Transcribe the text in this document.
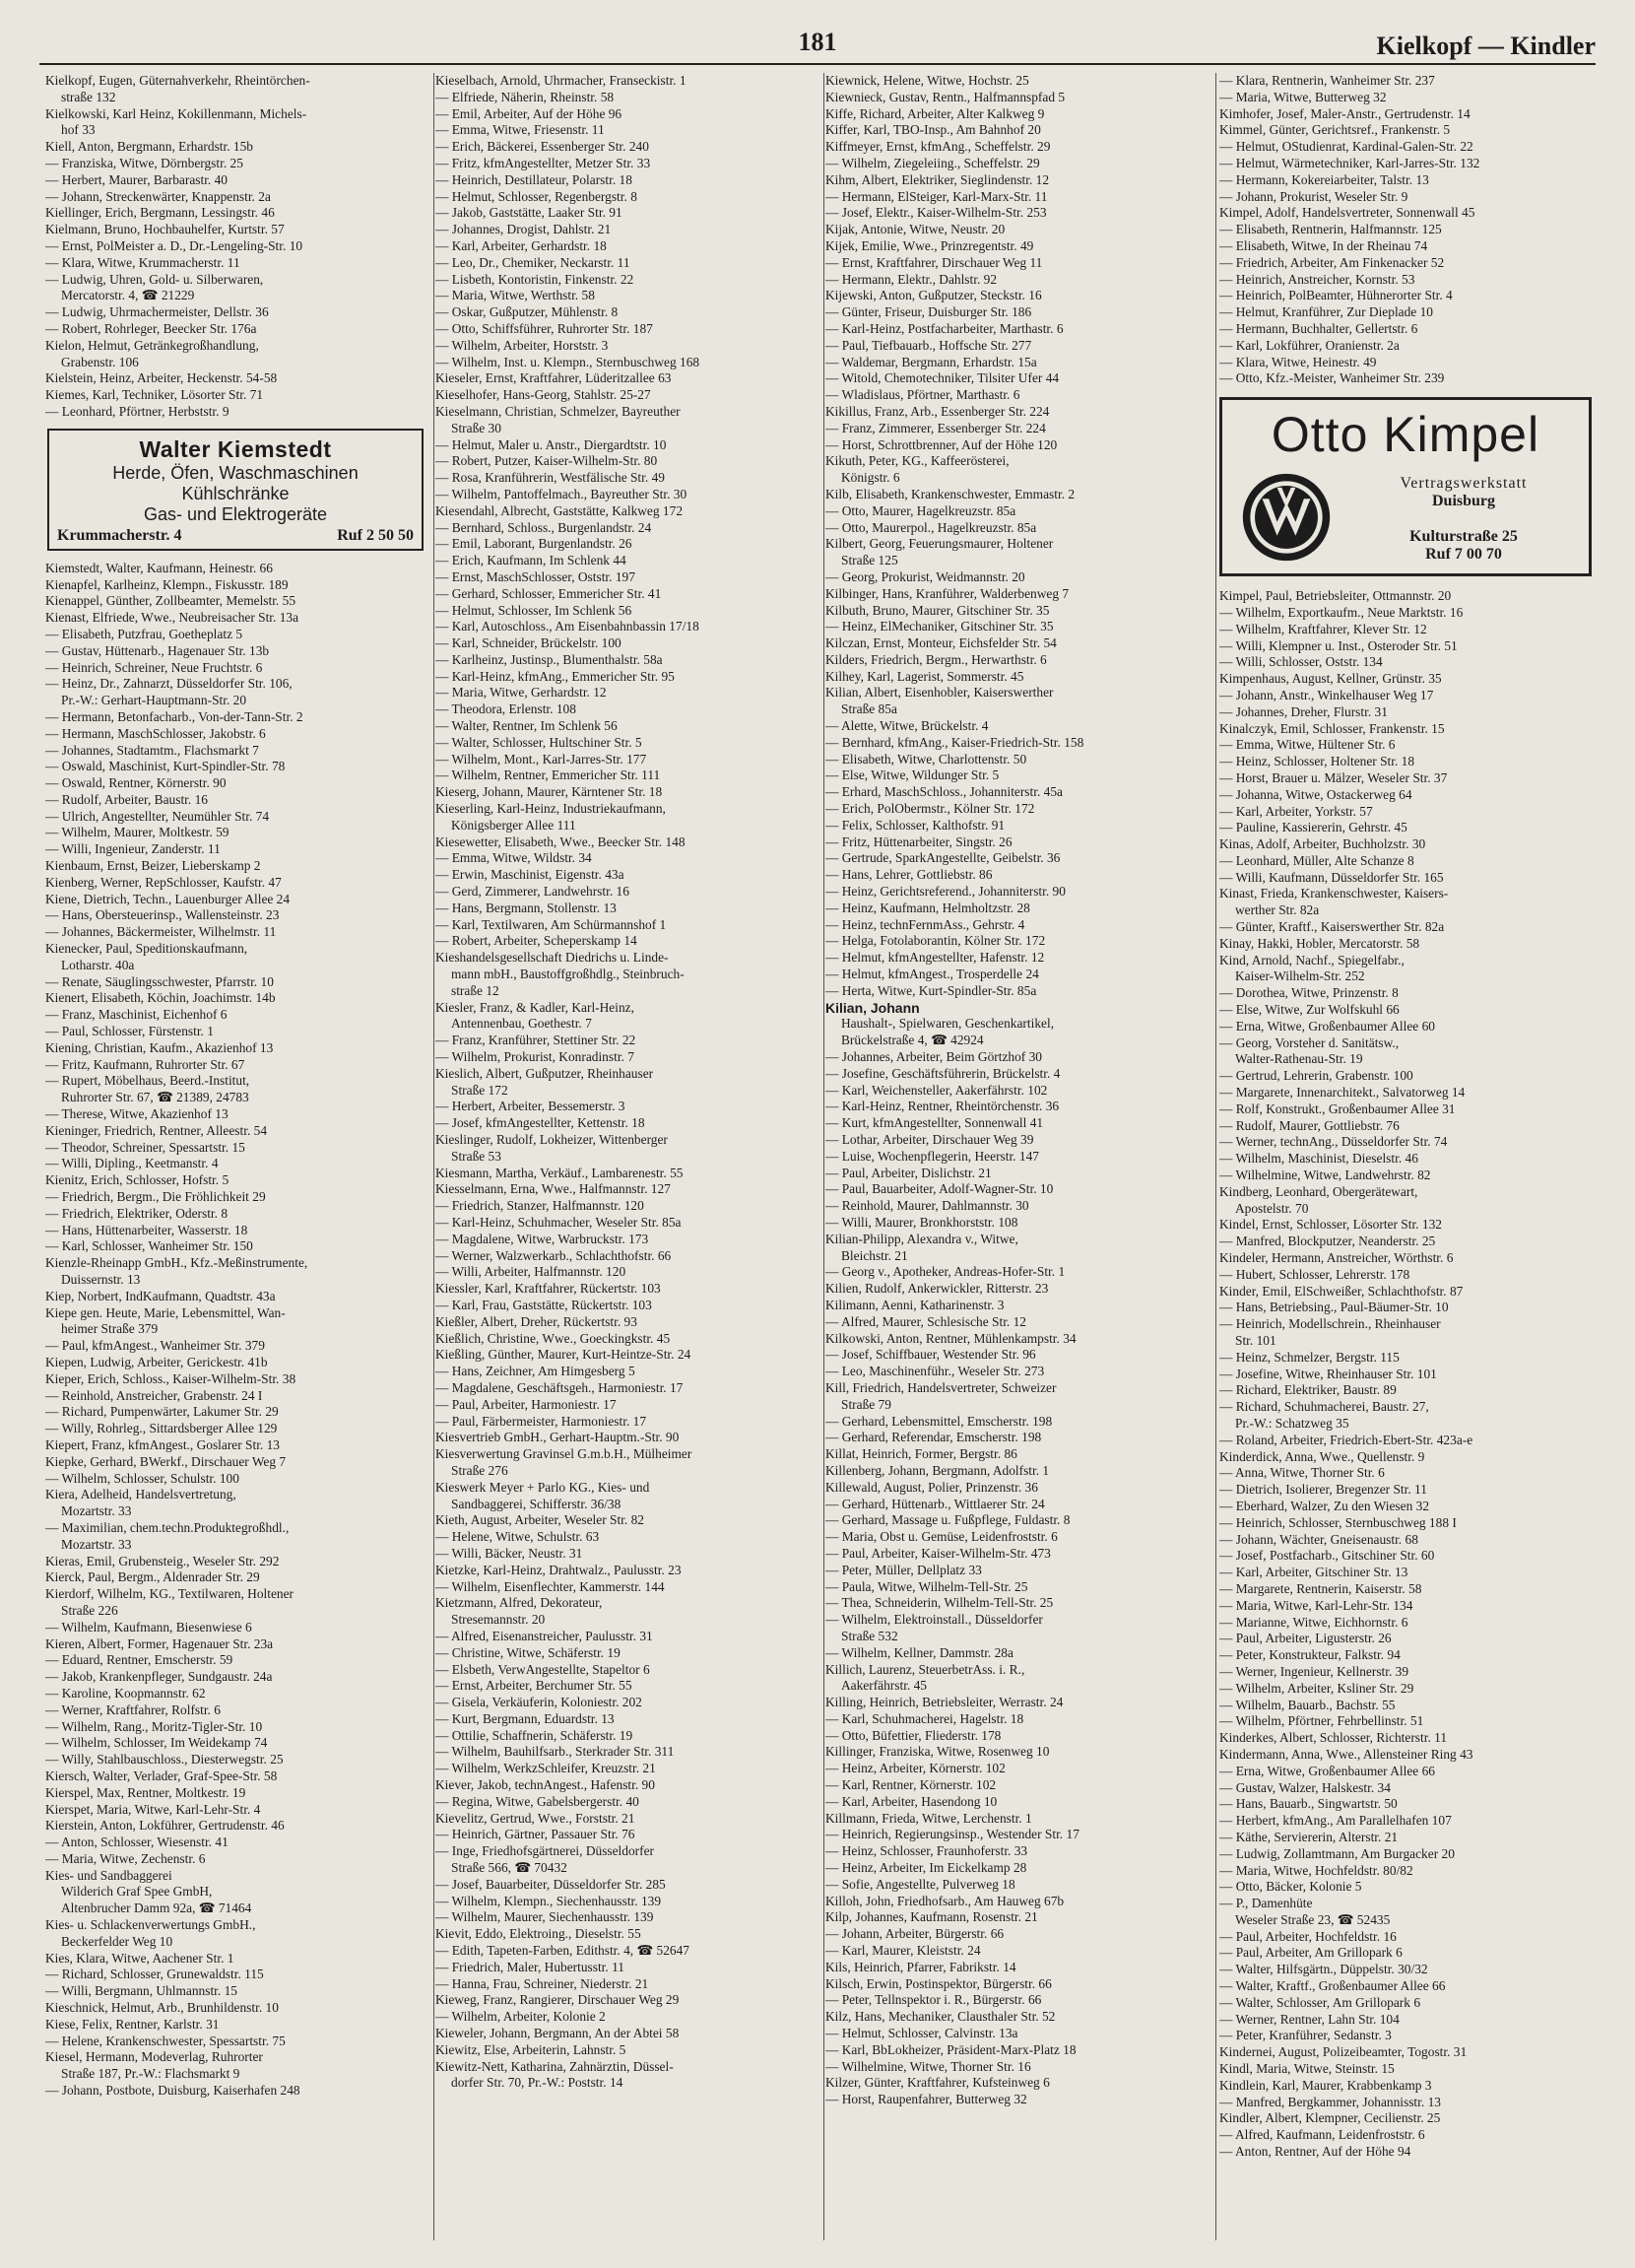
181	Kielkopf — Kindler
Kielkopf, Eugen, Güternahverkehr, Rheintörchen-
straße 132
Kielkowski, Karl Heinz, Kokillenmann, Michels-
hof 33
Kiell, Anton, Bergmann, Erhardstr. 15b
— Franziska, Witwe, Dörnbergstr. 25
— Herbert, Maurer, Barbarastr. 40
— Johann, Streckenwärter, Knappenstr. 2a
Kiellinger, Erich, Bergmann, Lessingstr. 46
Kielmann, Bruno, Hochbauhelfer, Kurtstr. 57
— Ernst, PolMeister a. D., Dr.-Lengeling-Str. 10
— Klara, Witwe, Krummacherstr. 11
— Ludwig, Uhren, Gold- u. Silberwaren,
Mercatorstr. 4, ☎ 21229
— Ludwig, Uhrmachermeister, Dellstr. 36
— Robert, Rohrleger, Beecker Str. 176a
Kielon, Helmut, Getränkegroßhandlung,
Grabenstr. 106
Kielstein, Heinz, Arbeiter, Heckenstr. 54-58
Kiemes, Karl, Techniker, Lösorter Str. 71
— Leonhard, Pförtner, Herbststr. 9
Walter Kiemstedt
Herde, Öfen, Waschmaschinen
Kühlschränke
Gas- und Elektrogeräte
Krummacherstr. 4	Ruf 2 50 50
Kiemstedt, Walter, Kaufmann, Heinestr. 66
Kienapfel, Karlheinz, Klempn., Fiskusstr. 189
Kienappel, Günther, Zollbeamter, Memelstr. 55
Kienast, Elfriede, Wwe., Neubreisacher Str. 13a
— Elisabeth, Putzfrau, Goetheplatz 5
— Gustav, Hüttenarb., Hagenauer Str. 13b
— Heinrich, Schreiner, Neue Fruchtstr. 6
— Heinz, Dr., Zahnarzt, Düsseldorfer Str. 106,
Pr.-W.: Gerhart-Hauptmann-Str. 20
— Hermann, Betonfacharb., Von-der-Tann-Str. 2
— Hermann, MaschSchlosser, Jakobstr. 6
— Johannes, Stadtamtm., Flachsmarkt 7
— Oswald, Maschinist, Kurt-Spindler-Str. 78
— Oswald, Rentner, Körnerstr. 90
— Rudolf, Arbeiter, Baustr. 16
— Ulrich, Angestellter, Neumühler Str. 74
— Wilhelm, Maurer, Moltkestr. 59
— Willi, Ingenieur, Zanderstr. 11
Kienbaum, Ernst, Beizer, Lieberskamp 2
Kienberg, Werner, RepSchlosser, Kaufstr. 47
Kiene, Dietrich, Techn., Lauenburger Allee 24
— Hans, Obersteuerinsp., Wallensteinstr. 23
— Johannes, Bäckermeister, Wilhelmstr. 11
Kienecker, Paul, Speditionskaufmann,
Lotharstr. 40a
— Renate, Säuglingsschwester, Pfarrstr. 10
Kienert, Elisabeth, Köchin, Joachimstr. 14b
— Franz, Maschinist, Eichenhof 6
— Paul, Schlosser, Fürstenstr. 1
Kiening, Christian, Kaufm., Akazienhof 13
— Fritz, Kaufmann, Ruhrorter Str. 67
— Rupert, Möbelhaus, Beerd.-Institut,
Ruhrorter Str. 67, ☎ 21389, 24783
— Therese, Witwe, Akazienhof 13
Kieninger, Friedrich, Rentner, Alleestr. 54
— Theodor, Schreiner, Spessartstr. 15
— Willi, Dipling., Keetmanstr. 4
Kienitz, Erich, Schlosser, Hofstr. 5
— Friedrich, Bergm., Die Fröhlichkeit 29
— Friedrich, Elektriker, Oderstr. 8
— Hans, Hüttenarbeiter, Wasserstr. 18
— Karl, Schlosser, Wanheimer Str. 150
Kienzle-Rheinapp GmbH., Kfz.-Meßinstrumente,
Duissernstr. 13
Kiep, Norbert, IndKaufmann, Quadtstr. 43a
Kiepe gen. Heute, Marie, Lebensmittel, Wan-
heimer Straße 379
— Paul, kfmAngest., Wanheimer Str. 379
Kiepen, Ludwig, Arbeiter, Gerickestr. 41b
Kieper, Erich, Schloss., Kaiser-Wilhelm-Str. 38
— Reinhold, Anstreicher, Grabenstr. 24 I
— Richard, Pumpenwärter, Lakumer Str. 29
— Willy, Rohrleg., Sittardsberger Allee 129
Kiepert, Franz, kfmAngest., Goslarer Str. 13
Kiepke, Gerhard, BWerkf., Dirschauer Weg 7
— Wilhelm, Schlosser, Schulstr. 100
Kiera, Adelheid, Handelsvertretung,
Mozartstr. 33
— Maximilian, chem.techn.Produktegroßhdl.,
Mozartstr. 33
Kieras, Emil, Grubensteig., Weseler Str. 292
Kierck, Paul, Bergm., Aldenrader Str. 29
Kierdorf, Wilhelm, KG., Textilwaren, Holtener
Straße 226
— Wilhelm, Kaufmann, Biesenwiese 6
Kieren, Albert, Former, Hagenauer Str. 23a
— Eduard, Rentner, Emscherstr. 59
— Jakob, Krankenpfleger, Sundgaustr. 24a
— Karoline, Koopmannstr. 62
— Werner, Kraftfahrer, Rolfstr. 6
— Wilhelm, Rang., Moritz-Tigler-Str. 10
— Wilhelm, Schlosser, Im Weidekamp 74
— Willy, Stahlbauschloss., Diesterwegstr. 25
Kiersch, Walter, Verlader, Graf-Spee-Str. 58
Kierspel, Max, Rentner, Moltkestr. 19
Kierspet, Maria, Witwe, Karl-Lehr-Str. 4
Kierstein, Anton, Lokführer, Gertrudenstr. 46
— Anton, Schlosser, Wiesenstr. 41
— Maria, Witwe, Zechenstr. 6
Kies- und Sandbaggerei
Wilderich Graf Spee GmbH,
Altenbrucher Damm 92a, ☎ 71464
Kies- u. Schlackenverwertungs GmbH.,
Beckerfelder Weg 10
Kies, Klara, Witwe, Aachener Str. 1
— Richard, Schlosser, Grunewaldstr. 115
— Willi, Bergmann, Uhlmannstr. 15
Kieschnick, Helmut, Arb., Brunhildenstr. 10
Kiese, Felix, Rentner, Karlstr. 31
— Helene, Krankenschwester, Spessartstr. 75
Kiesel, Hermann, Modeverlag, Ruhrorter
Straße 187, Pr.-W.: Flachsmarkt 9
— Johann, Postbote, Duisburg, Kaiserhafen 248
Kieselbach, Arnold, Uhrmacher, Franseckistr. 1
— Elfriede, Näherin, Rheinstr. 58
— Emil, Arbeiter, Auf der Höhe 96
— Emma, Witwe, Friesenstr. 11
— Erich, Bäckerei, Essenberger Str. 240
— Fritz, kfmAngestellter, Metzer Str. 33
— Heinrich, Destillateur, Polarstr. 18
— Helmut, Schlosser, Regenbergstr. 8
— Jakob, Gaststätte, Laaker Str. 91
— Johannes, Drogist, Dahlstr. 21
— Karl, Arbeiter, Gerhardstr. 18
— Leo, Dr., Chemiker, Neckarstr. 11
— Lisbeth, Kontoristin, Finkenstr. 22
— Maria, Witwe, Werthstr. 58
— Oskar, Gußputzer, Mühlenstr. 8
— Otto, Schiffsführer, Ruhrorter Str. 187
— Wilhelm, Arbeiter, Horststr. 3
— Wilhelm, Inst. u. Klempn., Sternbuschweg 168
Kieseler, Ernst, Kraftfahrer, Lüderitzallee 63
Kieselhofer, Hans-Georg, Stahlstr. 25-27
Kieselmann, Christian, Schmelzer, Bayreuther
Straße 30
— Helmut, Maler u. Anstr., Diergardtstr. 10
— Robert, Putzer, Kaiser-Wilhelm-Str. 80
— Rosa, Kranführerin, Westfälische Str. 49
— Wilhelm, Pantoffelmach., Bayreuther Str. 30
Kiesendahl, Albrecht, Gaststätte, Kalkweg 172
— Bernhard, Schloss., Burgenlandstr. 24
— Emil, Laborant, Burgenlandstr. 26
— Erich, Kaufmann, Im Schlenk 44
— Ernst, MaschSchlosser, Oststr. 197
— Gerhard, Schlosser, Emmericher Str. 41
— Helmut, Schlosser, Im Schlenk 56
— Karl, Autoschloss., Am Eisenbahnbassin 17/18
— Karl, Schneider, Brückelstr. 100
— Karlheinz, Justinsp., Blumenthalstr. 58a
— Karl-Heinz, kfmAng., Emmericher Str. 95
— Maria, Witwe, Gerhardstr. 12
— Theodora, Erlenstr. 108
— Walter, Rentner, Im Schlenk 56
— Walter, Schlosser, Hultschiner Str. 5
— Wilhelm, Mont., Karl-Jarres-Str. 177
— Wilhelm, Rentner, Emmericher Str. 111
Kieserg, Johann, Maurer, Kärntener Str. 18
Kieserling, Karl-Heinz, Industriekaufmann,
Königsberger Allee 111
Kiesewetter, Elisabeth, Wwe., Beecker Str. 148
— Emma, Witwe, Wildstr. 34
— Erwin, Maschinist, Eigenstr. 43a
— Gerd, Zimmerer, Landwehrstr. 16
— Hans, Bergmann, Stollenstr. 13
— Karl, Textilwaren, Am Schürmannshof 1
— Robert, Arbeiter, Scheperskamp 14
Kieshandelsgesellschaft Diedrichs u. Linde-
mann mbH., Baustoffgroßhdlg., Steinbruch-
straße 12
Kiesler, Franz, & Kadler, Karl-Heinz,
Antennenbau, Goethestr. 7
— Franz, Kranführer, Stettiner Str. 22
— Wilhelm, Prokurist, Konradinstr. 7
Kieslich, Albert, Gußputzer, Rheinhauser
Straße 172
— Herbert, Arbeiter, Bessemerstr. 3
— Josef, kfmAngestellter, Kettenstr. 18
Kieslinger, Rudolf, Lokheizer, Wittenberger
Straße 53
Kiesmann, Martha, Verkäuf., Lambarenestr. 55
Kiesselmann, Erna, Wwe., Halfmannstr. 127
— Friedrich, Stanzer, Halfmannstr. 120
— Karl-Heinz, Schuhmacher, Weseler Str. 85a
— Magdalene, Witwe, Warbruckstr. 173
— Werner, Walzwerkarb., Schlachthofstr. 66
— Willi, Arbeiter, Halfmannstr. 120
Kiessler, Karl, Kraftfahrer, Rückertstr. 103
— Karl, Frau, Gaststätte, Rückertstr. 103
Kießler, Albert, Dreher, Rückertstr. 93
Kießlich, Christine, Wwe., Goeckingkstr. 45
Kießling, Günther, Maurer, Kurt-Heintze-Str. 24
— Hans, Zeichner, Am Himgesberg 5
— Magdalene, Geschäftsgeh., Harmoniestr. 17
— Paul, Arbeiter, Harmoniestr. 17
— Paul, Färbermeister, Harmoniestr. 17
Kiesvertrieb GmbH., Gerhart-Hauptm.-Str. 90
Kiesverwertung Gravinsel G.m.b.H., Mülheimer
Straße 276
Kieswerk Meyer + Parlo KG., Kies- und
Sandbaggerei, Schifferstr. 36/38
Kieth, August, Arbeiter, Weseler Str. 82
— Helene, Witwe, Schulstr. 63
— Willi, Bäcker, Neustr. 31
Kietzke, Karl-Heinz, Drahtwalz., Paulusstr. 23
— Wilhelm, Eisenflechter, Kammerstr. 144
Kietzmann, Alfred, Dekorateur,
Stresemannstr. 20
— Alfred, Eisenanstreicher, Paulusstr. 31
— Christine, Witwe, Schäferstr. 19
— Elsbeth, VerwAngestellte, Stapeltor 6
— Ernst, Arbeiter, Berchumer Str. 55
— Gisela, Verkäuferin, Koloniestr. 202
— Kurt, Bergmann, Eduardstr. 13
— Ottilie, Schaffnerin, Schäferstr. 19
— Wilhelm, Bauhilfsarb., Sterkrader Str. 311
— Wilhelm, WerkzSchleifer, Kreuzstr. 21
Kiever, Jakob, technAngest., Hafenstr. 90
— Regina, Witwe, Gabelsbergerstr. 40
Kievelitz, Gertrud, Wwe., Forststr. 21
— Heinrich, Gärtner, Passauer Str. 76
— Inge, Friedhofsgärtnerei, Düsseldorfer
Straße 566, ☎ 70432
— Josef, Bauarbeiter, Düsseldorfer Str. 285
— Wilhelm, Klempn., Siechenhausstr. 139
— Wilhelm, Maurer, Siechenhausstr. 139
Kievit, Eddo, Elektroing., Dieselstr. 55
— Edith, Tapeten-Farben, Edithstr. 4, ☎ 52647
— Friedrich, Maler, Hubertusstr. 11
— Hanna, Frau, Schreiner, Niederstr. 21
Kieweg, Franz, Rangierer, Dirschauer Weg 29
— Wilhelm, Arbeiter, Kolonie 2
Kieweler, Johann, Bergmann, An der Abtei 58
Kiewitz, Else, Arbeiterin, Lahnstr. 5
Kiewitz-Nett, Katharina, Zahnärztin, Düssel-
dorfer Str. 70, Pr.-W.: Poststr. 14
Kiewnick, Helene, Witwe, Hochstr. 25
Kiewnieck, Gustav, Rentn., Halfmannspfad 5
Kiffe, Richard, Arbeiter, Alter Kalkweg 9
Kiffer, Karl, TBO-Insp., Am Bahnhof 20
Kiffmeyer, Ernst, kfmAng., Scheffelstr. 29
— Wilhelm, Ziegeleiing., Scheffelstr. 29
Kihm, Albert, Elektriker, Sieglindenstr. 12
— Hermann, ElSteiger, Karl-Marx-Str. 11
— Josef, Elektr., Kaiser-Wilhelm-Str. 253
Kijak, Antonie, Witwe, Neustr. 20
Kijek, Emilie, Wwe., Prinzregentstr. 49
— Ernst, Kraftfahrer, Dirschauer Weg 11
— Hermann, Elektr., Dahlstr. 92
Kijewski, Anton, Gußputzer, Steckstr. 16
— Günter, Friseur, Duisburger Str. 186
— Karl-Heinz, Postfacharbeiter, Marthastr. 6
— Paul, Tiefbauarb., Hoffsche Str. 277
— Waldemar, Bergmann, Erhardstr. 15a
— Witold, Chemotechniker, Tilsiter Ufer 44
— Wladislaus, Pförtner, Marthastr. 6
Kikillus, Franz, Arb., Essenberger Str. 224
— Franz, Zimmerer, Essenberger Str. 224
— Horst, Schrottbrenner, Auf der Höhe 120
Kikuth, Peter, KG., Kaffeerösterei,
Königstr. 6
Kilb, Elisabeth, Krankenschwester, Emmastr. 2
— Otto, Maurer, Hagelkreuzstr. 85a
— Otto, Maurerpol., Hagelkreuzstr. 85a
Kilbert, Georg, Feuerungsmaurer, Holtener
Straße 125
— Georg, Prokurist, Weidmannstr. 20
Kilbinger, Hans, Kranführer, Walderbenweg 7
Kilbuth, Bruno, Maurer, Gitschiner Str. 35
— Heinz, ElMechaniker, Gitschiner Str. 35
Kilczan, Ernst, Monteur, Eichsfelder Str. 54
Kilders, Friedrich, Bergm., Herwarthstr. 6
Kilhey, Karl, Lagerist, Sommerstr. 45
Kilian, Albert, Eisenhobler, Kaiserswerther
Straße 85a
— Alette, Witwe, Brückelstr. 4
— Bernhard, kfmAng., Kaiser-Friedrich-Str. 158
— Elisabeth, Witwe, Charlottenstr. 50
— Else, Witwe, Wildunger Str. 5
— Erhard, MaschSchloss., Johanniterstr. 45a
— Erich, PolObermstr., Kölner Str. 172
— Felix, Schlosser, Kalthofstr. 91
— Fritz, Hüttenarbeiter, Singstr. 26
— Gertrude, SparkAngestellte, Geibelstr. 36
— Hans, Lehrer, Gottliebstr. 86
— Heinz, Gerichtsreferend., Johanniterstr. 90
— Heinz, Kaufmann, Helmholtzstr. 28
— Heinz, technFernmAss., Gehrstr. 4
— Helga, Fotolaborantin, Kölner Str. 172
— Helmut, kfmAngestellter, Hafenstr. 12
— Helmut, kfmAngest., Trosperdelle 24
— Herta, Witwe, Kurt-Spindler-Str. 85a
Kilian, Johann
Haushalt-, Spielwaren, Geschenkartikel,
Brückelstraße 4, ☎ 42924
— Johannes, Arbeiter, Beim Görtzhof 30
— Josefine, Geschäftsführerin, Brückelstr. 4
— Karl, Weichensteller, Aakerfährstr. 102
— Karl-Heinz, Rentner, Rheintörchenstr. 36
— Kurt, kfmAngestellter, Sonnenwall 41
— Lothar, Arbeiter, Dirschauer Weg 39
— Luise, Wochenpflegerin, Heerstr. 147
— Paul, Arbeiter, Dislichstr. 21
— Paul, Bauarbeiter, Adolf-Wagner-Str. 10
— Reinhold, Maurer, Dahlmannstr. 30
— Willi, Maurer, Bronkhorststr. 108
Kilian-Philipp, Alexandra v., Witwe,
Bleichstr. 21
— Georg v., Apotheker, Andreas-Hofer-Str. 1
Kilien, Rudolf, Ankerwickler, Ritterstr. 23
Kilimann, Aenni, Katharinenstr. 3
— Alfred, Maurer, Schlesische Str. 12
Kilkowski, Anton, Rentner, Mühlenkampstr. 34
— Josef, Schiffbauer, Westender Str. 96
— Leo, Maschinenführ., Weseler Str. 273
Kill, Friedrich, Handelsvertreter, Schweizer
Straße 79
— Gerhard, Lebensmittel, Emscherstr. 198
— Gerhard, Referendar, Emscherstr. 198
Killat, Heinrich, Former, Bergstr. 86
Killenberg, Johann, Bergmann, Adolfstr. 1
Killewald, August, Polier, Prinzenstr. 36
— Gerhard, Hüttenarb., Wittlaerer Str. 24
— Gerhard, Massage u. Fußpflege, Fuldastr. 8
— Maria, Obst u. Gemüse, Leidenfroststr. 6
— Paul, Arbeiter, Kaiser-Wilhelm-Str. 473
— Peter, Müller, Dellplatz 33
— Paula, Witwe, Wilhelm-Tell-Str. 25
— Thea, Schneiderin, Wilhelm-Tell-Str. 25
— Wilhelm, Elektroinstall., Düsseldorfer
Straße 532
— Wilhelm, Kellner, Dammstr. 28a
Killich, Laurenz, SteuerbetrAss. i. R.,
Aakerfährstr. 45
Killing, Heinrich, Betriebsleiter, Werrastr. 24
— Karl, Schuhmacherei, Hagelstr. 18
— Otto, Büfettier, Fliederstr. 178
Killinger, Franziska, Witwe, Rosenweg 10
— Heinz, Arbeiter, Körnerstr. 102
— Karl, Rentner, Körnerstr. 102
— Karl, Arbeiter, Hasendong 10
Killmann, Frieda, Witwe, Lerchenstr. 1
— Heinrich, Regierungsinsp., Westender Str. 17
— Heinz, Schlosser, Fraunhoferstr. 33
— Heinz, Arbeiter, Im Eickelkamp 28
— Sofie, Angestellte, Pulverweg 18
Killoh, John, Friedhofsarb., Am Hauweg 67b
Kilp, Johannes, Kaufmann, Rosenstr. 21
— Johann, Arbeiter, Bürgerstr. 66
— Karl, Maurer, Kleiststr. 24
Kils, Heinrich, Pfarrer, Fabrikstr. 14
Kilsch, Erwin, Postinspektor, Bürgerstr. 66
— Peter, Tellnspektor i. R., Bürgerstr. 66
Kilz, Hans, Mechaniker, Clausthaler Str. 52
— Helmut, Schlosser, Calvinstr. 13a
— Karl, BbLokheizer, Präsident-Marx-Platz 18
— Wilhelmine, Witwe, Thorner Str. 16
Kilzer, Günter, Kraftfahrer, Kufsteinweg 6
— Horst, Raupenfahrer, Butterweg 32
— Klara, Rentnerin, Wanheimer Str. 237
— Maria, Witwe, Butterweg 32
Kimhofer, Josef, Maler-Anstr., Gertrudenstr. 14
Kimmel, Günter, Gerichtsref., Frankenstr. 5
— Helmut, OStudienrat, Kardinal-Galen-Str. 22
— Helmut, Wärmetechniker, Karl-Jarres-Str. 132
— Hermann, Kokereiarbeiter, Talstr. 13
— Johann, Prokurist, Weseler Str. 9
Kimpel, Adolf, Handelsvertreter, Sonnenwall 45
— Elisabeth, Rentnerin, Halfmannstr. 125
— Elisabeth, Witwe, In der Rheinau 74
— Friedrich, Arbeiter, Am Finkenacker 52
— Heinrich, Anstreicher, Kornstr. 53
— Heinrich, PolBeamter, Hühnerorter Str. 4
— Helmut, Kranführer, Zur Dieplade 10
— Hermann, Buchhalter, Gellertstr. 6
— Karl, Lokführer, Oranienstr. 2a
— Klara, Witwe, Heinestr. 49
— Otto, Kfz.-Meister, Wanheimer Str. 239
Otto Kimpel
Vertragswerkstatt
Duisburg
Kulturstraße 25
Ruf 7 00 70
Kimpel, Paul, Betriebsleiter, Ottmannstr. 20
— Wilhelm, Exportkaufm., Neue Marktstr. 16
— Wilhelm, Kraftfahrer, Klever Str. 12
— Willi, Klempner u. Inst., Osteroder Str. 51
— Willi, Schlosser, Oststr. 134
Kimpenhaus, August, Kellner, Grünstr. 35
— Johann, Anstr., Winkelhauser Weg 17
— Johannes, Dreher, Flurstr. 31
Kinalczyk, Emil, Schlosser, Frankenstr. 15
— Emma, Witwe, Hültener Str. 6
— Heinz, Schlosser, Holtener Str. 18
— Horst, Brauer u. Mälzer, Weseler Str. 37
— Johanna, Witwe, Ostackerweg 64
— Karl, Arbeiter, Yorkstr. 57
— Pauline, Kassiererin, Gehrstr. 45
Kinas, Adolf, Arbeiter, Buchholzstr. 30
— Leonhard, Müller, Alte Schanze 8
— Willi, Kaufmann, Düsseldorfer Str. 165
Kinast, Frieda, Krankenschwester, Kaisers-
werther Str. 82a
— Günter, Kraftf., Kaiserswerther Str. 82a
Kinay, Hakki, Hobler, Mercatorstr. 58
Kind, Arnold, Nachf., Spiegelfabr.,
Kaiser-Wilhelm-Str. 252
— Dorothea, Witwe, Prinzenstr. 8
— Else, Witwe, Zur Wolfskuhl 66
— Erna, Witwe, Großenbaumer Allee 60
— Georg, Vorsteher d. Sanitätsw.,
Walter-Rathenau-Str. 19
— Gertrud, Lehrerin, Grabenstr. 100
— Margarete, Innenarchitekt., Salvatorweg 14
— Rolf, Konstrukt., Großenbaumer Allee 31
— Rudolf, Maurer, Gottliebstr. 76
— Werner, technAng., Düsseldorfer Str. 74
— Wilhelm, Maschinist, Dieselstr. 46
— Wilhelmine, Witwe, Landwehrstr. 82
Kindberg, Leonhard, Obergerätewart,
Apostelstr. 70
Kindel, Ernst, Schlosser, Lösorter Str. 132
— Manfred, Blockputzer, Neanderstr. 25
Kindeler, Hermann, Anstreicher, Wörthstr. 6
— Hubert, Schlosser, Lehrerstr. 178
Kinder, Emil, ElSchweißer, Schlachthofstr. 87
— Hans, Betriebsing., Paul-Bäumer-Str. 10
— Heinrich, Modellschrein., Rheinhauser
Str. 101
— Heinz, Schmelzer, Bergstr. 115
— Josefine, Witwe, Rheinhauser Str. 101
— Richard, Elektriker, Baustr. 89
— Richard, Schuhmacherei, Baustr. 27,
Pr.-W.: Schatzweg 35
— Roland, Arbeiter, Friedrich-Ebert-Str. 423a-e
Kinderdick, Anna, Wwe., Quellenstr. 9
— Anna, Witwe, Thorner Str. 6
— Dietrich, Isolierer, Bregenzer Str. 11
— Eberhard, Walzer, Zu den Wiesen 32
— Heinrich, Schlosser, Sternbuschweg 188 I
— Johann, Wächter, Gneisenaustr. 68
— Josef, Postfacharb., Gitschiner Str. 60
— Karl, Arbeiter, Gitschiner Str. 13
— Margarete, Rentnerin, Kaiserstr. 58
— Maria, Witwe, Karl-Lehr-Str. 134
— Marianne, Witwe, Eichhornstr. 6
— Paul, Arbeiter, Ligusterstr. 26
— Peter, Konstrukteur, Falkstr. 94
— Werner, Ingenieur, Kellnerstr. 39
— Wilhelm, Arbeiter, Ksliner Str. 29
— Wilhelm, Bauarb., Bachstr. 55
— Wilhelm, Pförtner, Fehrbellinstr. 51
Kinderkes, Albert, Schlosser, Richterstr. 11
Kindermann, Anna, Wwe., Allensteiner Ring 43
— Erna, Witwe, Großenbaumer Allee 66
— Gustav, Walzer, Halskestr. 34
— Hans, Bauarb., Singwartstr. 50
— Herbert, kfmAng., Am Parallelhafen 107
— Käthe, Serviererin, Alterstr. 21
— Ludwig, Zollamtmann, Am Burgacker 20
— Maria, Witwe, Hochfeldstr. 80/82
— Otto, Bäcker, Kolonie 5
— P., Damenhüte
Weseler Straße 23, ☎ 52435
— Paul, Arbeiter, Hochfeldstr. 16
— Paul, Arbeiter, Am Grillopark 6
— Walter, Hilfsgärtn., Düppelstr. 30/32
— Walter, Kraftf., Großenbaumer Allee 66
— Walter, Schlosser, Am Grillopark 6
— Werner, Rentner, Lahn Str. 104
— Peter, Kranführer, Sedanstr. 3
Kindernei, August, Polizeibeamter, Togostr. 31
Kindl, Maria, Witwe, Steinstr. 15
Kindlein, Karl, Maurer, Krabbenkamp 3
— Manfred, Bergkammer, Johannisstr. 13
Kindler, Albert, Klempner, Cecilienstr. 25
— Alfred, Kaufmann, Leidenfroststr. 6
— Anton, Rentner, Auf der Höhe 94
